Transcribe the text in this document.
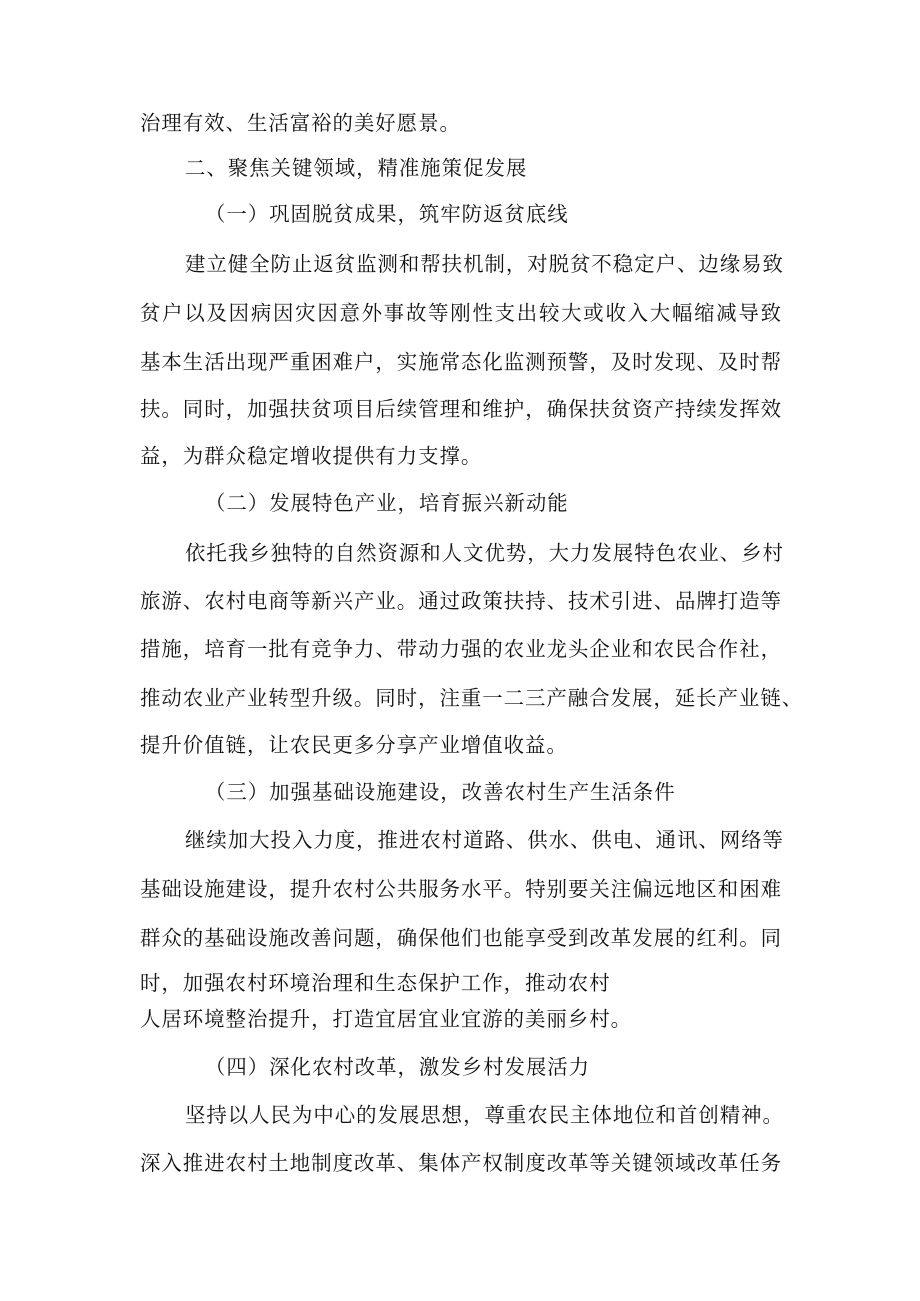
治理有效、生活富裕的美好愿景。
二、聚焦关键领域，精准施策促发展
（一）巩固脱贫成果，筑牢防返贫底线
建立健全防止返贫监测和帮扶机制，对脱贫不稳定户、边缘易致
贫户以及因病因灾因意外事故等刚性支出较大或收入大幅缩减导致
基本生活出现严重困难户，实施常态化监测预警，及时发现、及时帮
扶。同时，加强扶贫项目后续管理和维护，确保扶贫资产持续发挥效
益，为群众稳定增收提供有力支撑。
（二）发展特色产业，培育振兴新动能
依托我乡独特的自然资源和人文优势，大力发展特色农业、乡村
旅游、农村电商等新兴产业。通过政策扶持、技术引进、品牌打造等
措施，培育一批有竞争力、带动力强的农业龙头企业和农民合作社，
推动农业产业转型升级。同时，注重一二三产融合发展，延长产业链、
提升价值链，让农民更多分享产业增值收益。
（三）加强基础设施建设，改善农村生产生活条件
继续加大投入力度，推进农村道路、供水、供电、通讯、网络等
基础设施建设，提升农村公共服务水平。特别要关注偏远地区和困难
群众的基础设施改善问题，确保他们也能享受到改革发展的红利。同
时，加强农村环境治理和生态保护工作，推动农村
人居环境整治提升，打造宜居宜业宜游的美丽乡村。
（四）深化农村改革，激发乡村发展活力
坚持以人民为中心的发展思想，尊重农民主体地位和首创精神。
深入推进农村土地制度改革、集体产权制度改革等关键领域改革任务
